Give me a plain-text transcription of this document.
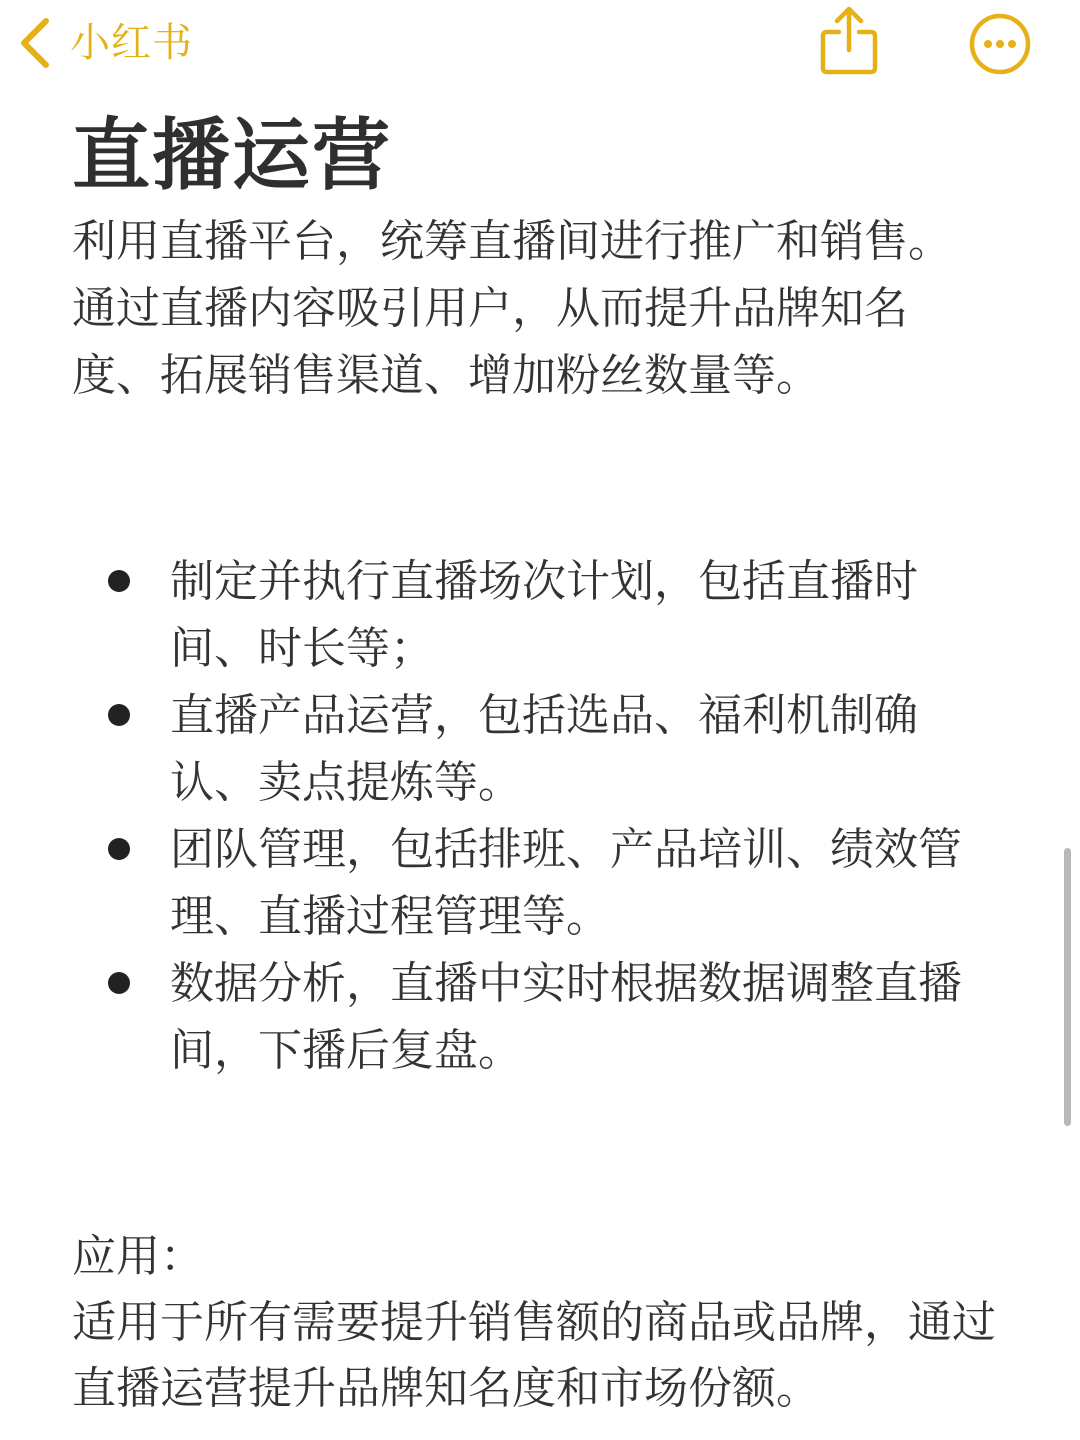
小红书
直播运营

利用直播平台，统筹直播间进行推广和销售。通过直播内容吸引用户，从而提升品牌知名度、拓展销售渠道、增加粉丝数量等。

制定并执行直播场次计划，包括直播时间、时长等；
直播产品运营，包括选品、福利机制确认、卖点提炼等。
团队管理，包括排班、产品培训、绩效管理、直播过程管理等。
数据分析，直播中实时根据数据调整直播间，下播后复盘。

应用：

适用于所有需要提升销售额的商品或品牌，通过直播运营提升品牌知名度和市场份额。
